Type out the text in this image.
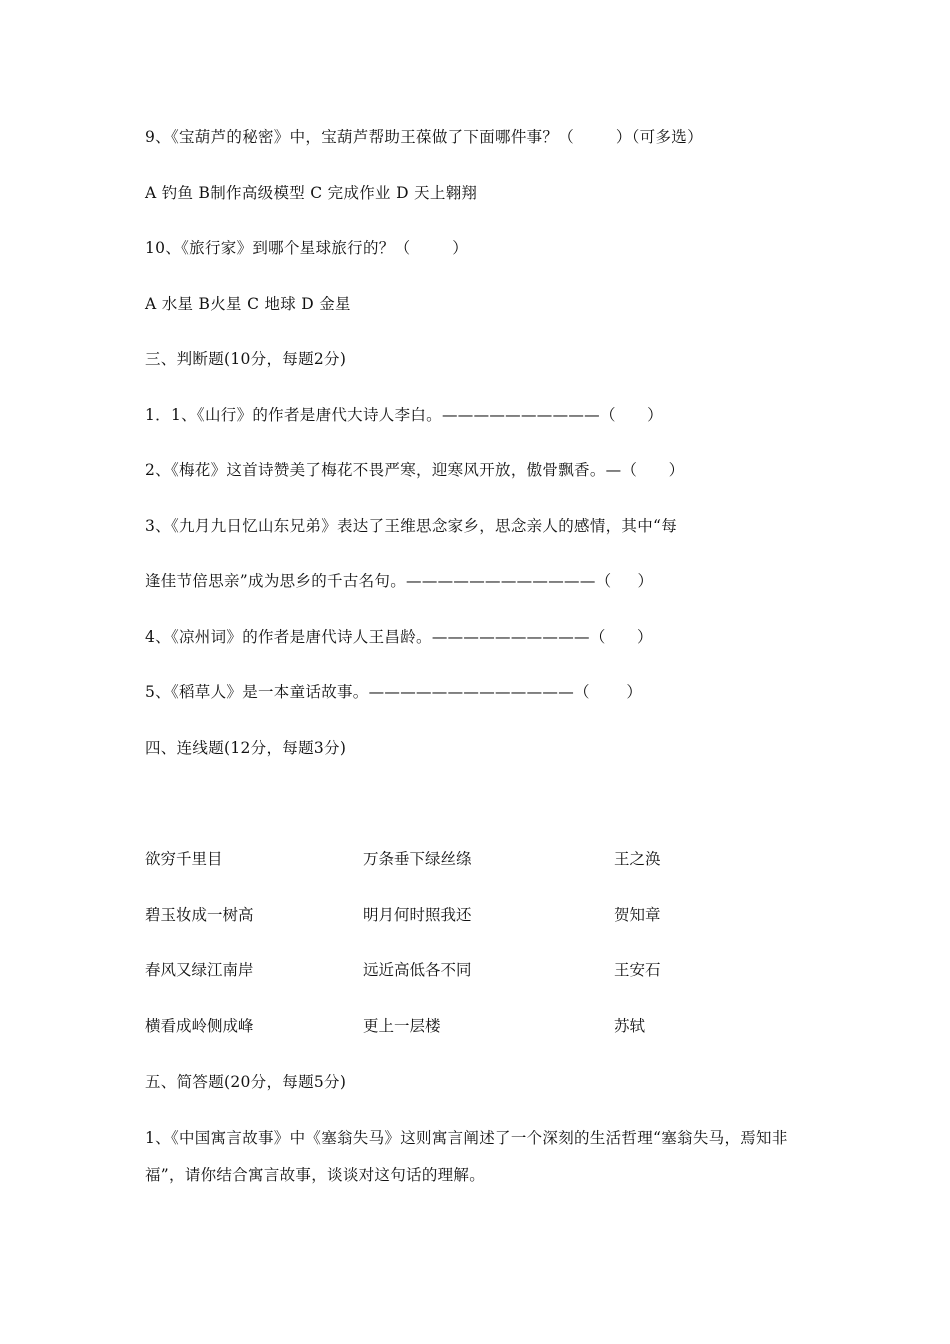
9、《宝葫芦的秘密》中，宝葫芦帮助王葆做了下面哪件事？（        ）（可多选）
A 钓鱼 B制作高级模型 C 完成作业 D 天上翱翔
10、《旅行家》到哪个星球旅行的？（        ）
A 水星 B火星 C 地球 D 金星
三、判断题(10分，每题2分)
1．1、《山行》的作者是唐代大诗人李白。——————————（      ）
2、《梅花》这首诗赞美了梅花不畏严寒，迎寒风开放，傲骨飘香。—（      ）
3、《九月九日忆山东兄弟》表达了王维思念家乡，思念亲人的感情，其中“每
逢佳节倍思亲”成为思乡的千古名句。————————————（     ）
4、《凉州词》的作者是唐代诗人王昌龄。——————————（      ）
5、《稻草人》是一本童话故事。—————————————（       ）
四、连线题(12分，每题3分)
欲穷千里目	万条垂下绿丝绦	王之涣
碧玉妆成一树高	明月何时照我还	贺知章
春风又绿江南岸	远近高低各不同	王安石
横看成岭侧成峰	更上一层楼	苏轼
五、简答题(20分，每题5分)
1、《中国寓言故事》中《塞翁失马》这则寓言阐述了一个深刻的生活哲理“塞翁失马，焉知非
福”，请你结合寓言故事，谈谈对这句话的理解。
